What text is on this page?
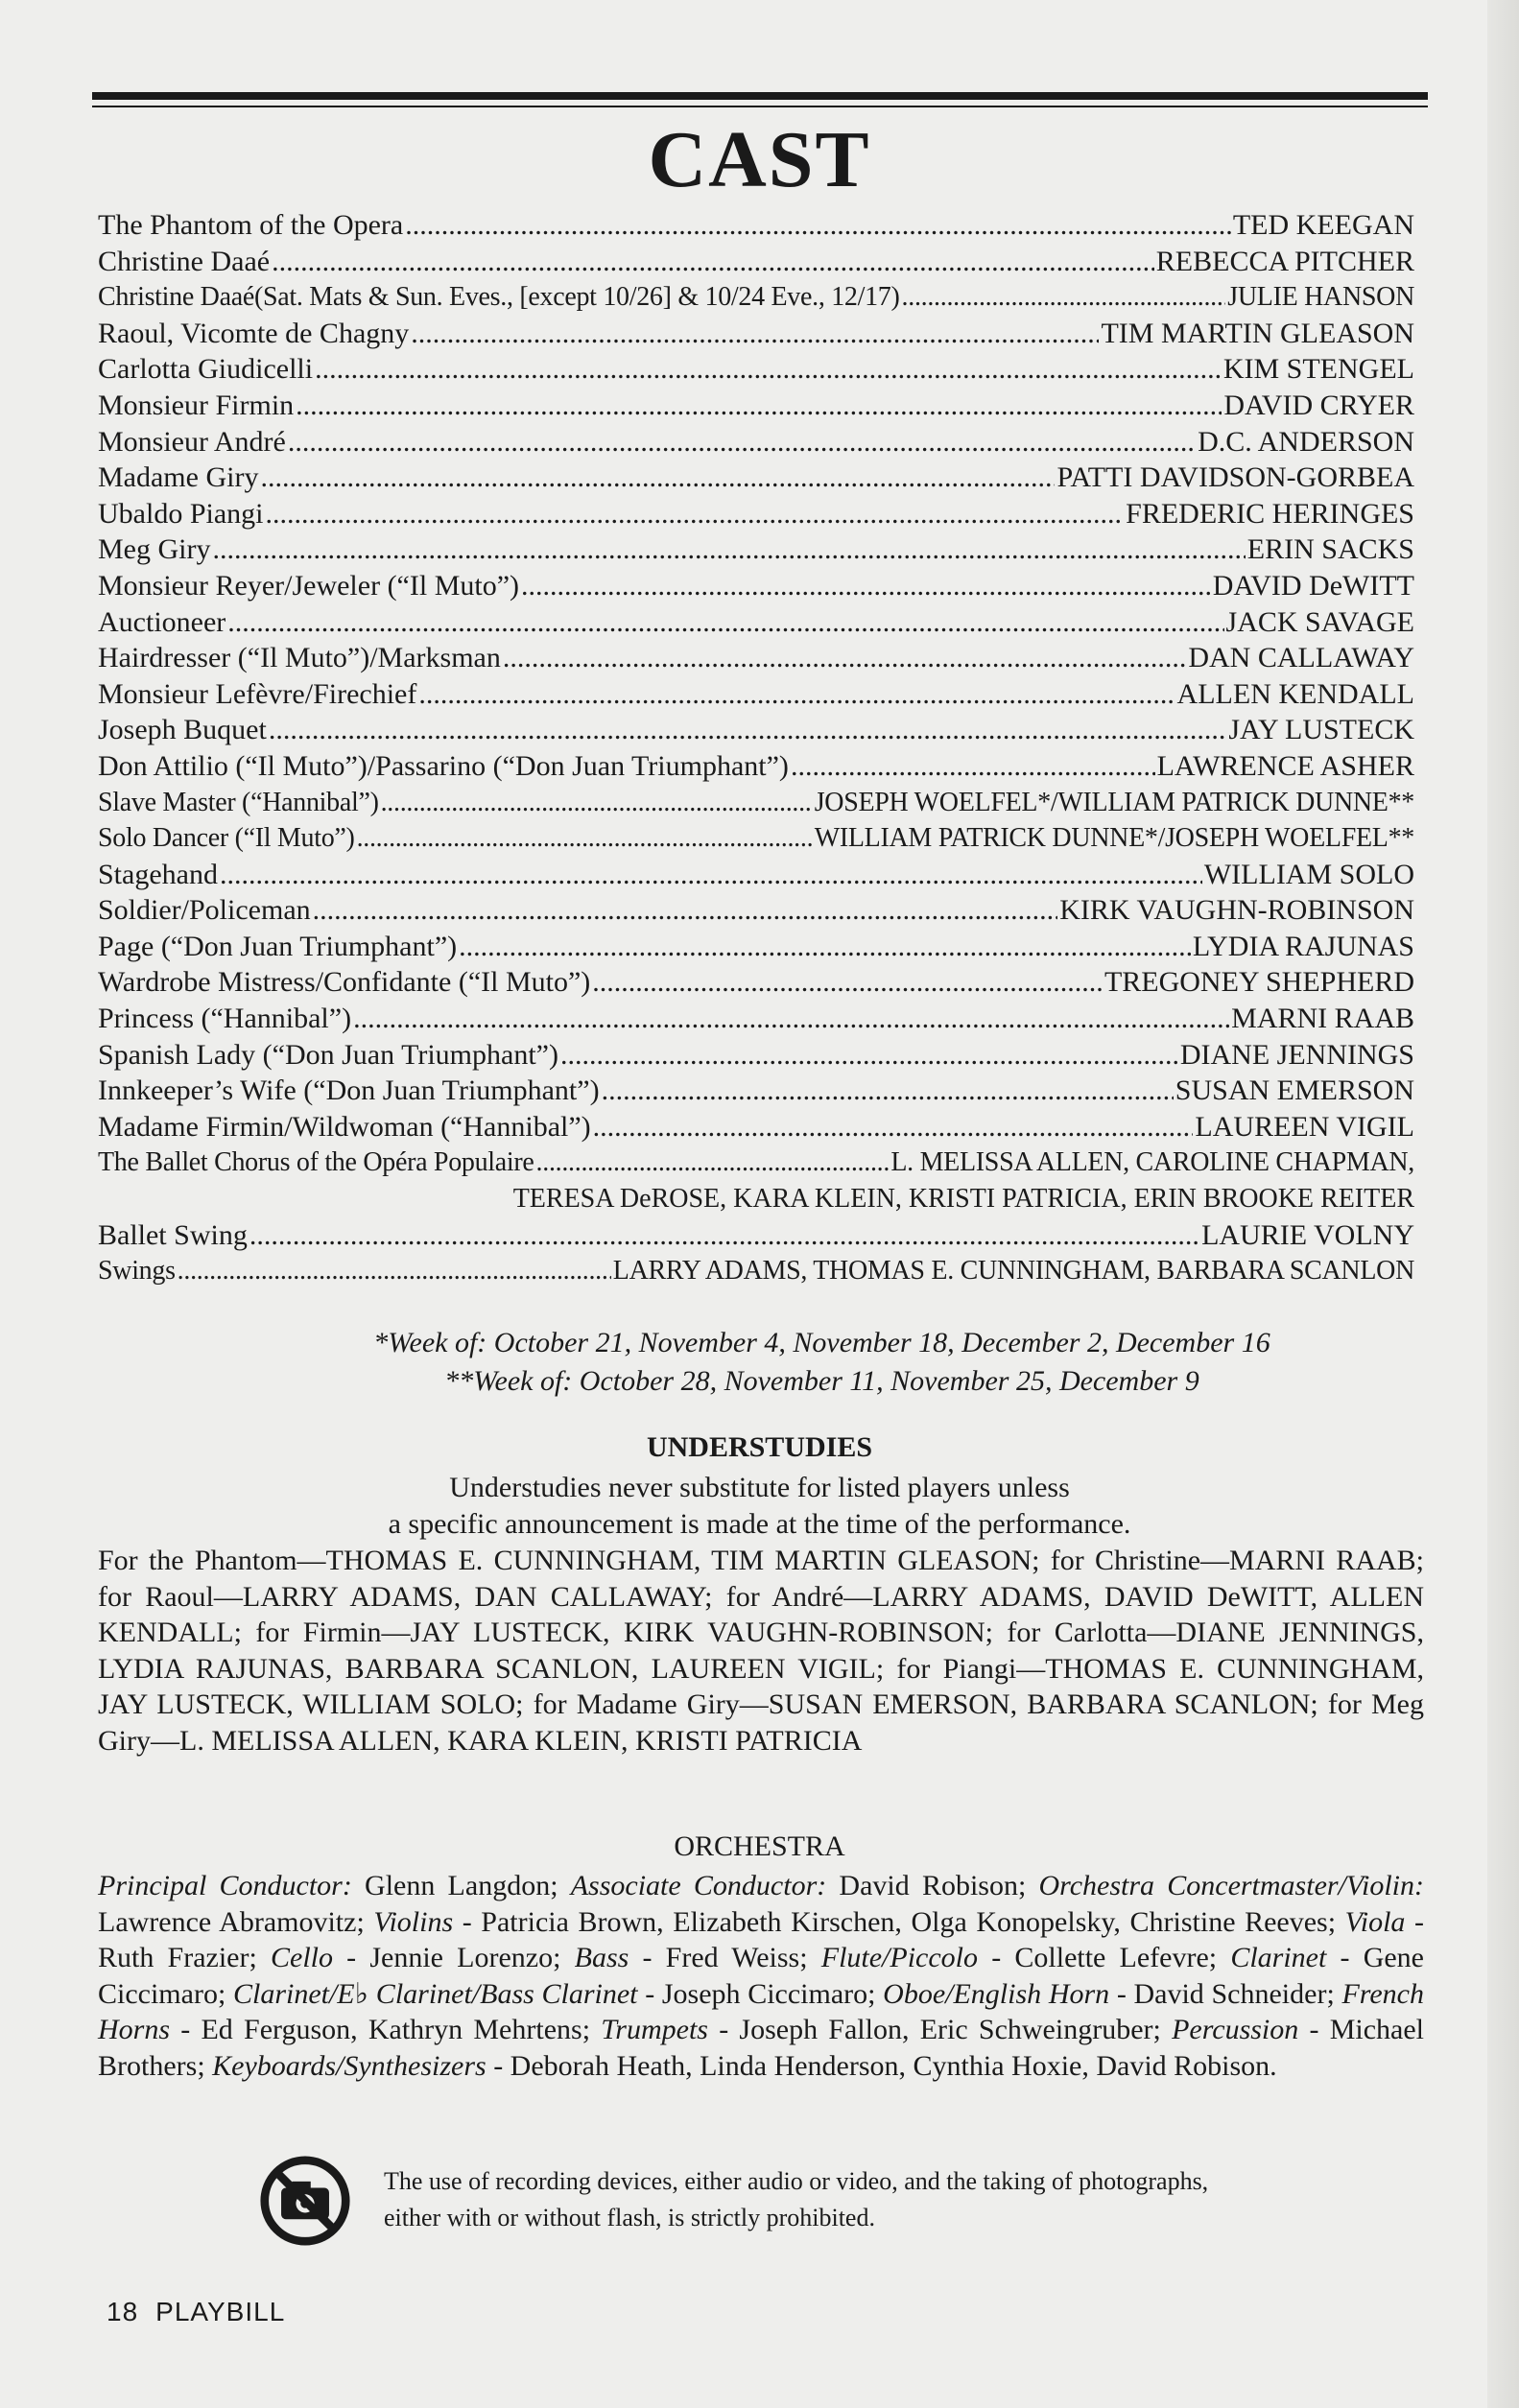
CAST
The Phantom of the Opera .....	TED KEEGAN
Christine Daaé .....	REBECCA PITCHER
Christine Daaé(Sat. Mats & Sun. Eves., [except 10/26] & 10/24 Eve., 12/17) .....	JULIE HANSON
Raoul, Vicomte de Chagny .....	TIM MARTIN GLEASON
Carlotta Giudicelli .....	KIM STENGEL
Monsieur Firmin .....	DAVID CRYER
Monsieur André .....	D.C. ANDERSON
Madame Giry .....	PATTI DAVIDSON-GORBEA
Ubaldo Piangi .....	FREDERIC HERINGES
Meg Giry .....	ERIN SACKS
Monsieur Reyer/Jeweler (“Il Muto”) .....	DAVID DeWITT
Auctioneer .....	JACK SAVAGE
Hairdresser (“Il Muto”)/Marksman .....	DAN CALLAWAY
Monsieur Lefèvre/Firechief .....	ALLEN KENDALL
Joseph Buquet .....	JAY LUSTECK
Don Attilio (“Il Muto”)/Passarino (“Don Juan Triumphant”) .....	LAWRENCE ASHER
Slave Master (“Hannibal”) .....	JOSEPH WOELFEL*/WILLIAM PATRICK DUNNE**
Solo Dancer (“Il Muto”) .....	WILLIAM PATRICK DUNNE*/JOSEPH WOELFEL**
Stagehand .....	WILLIAM SOLO
Soldier/Policeman .....	KIRK VAUGHN-ROBINSON
Page (“Don Juan Triumphant”) .....	LYDIA RAJUNAS
Wardrobe Mistress/Confidante (“Il Muto”) .....	TREGONEY SHEPHERD
Princess (“Hannibal”) .....	MARNI RAAB
Spanish Lady (“Don Juan Triumphant”) .....	DIANE JENNINGS
Innkeeper’s Wife (“Don Juan Triumphant”) .....	SUSAN EMERSON
Madame Firmin/Wildwoman (“Hannibal”) .....	LAUREEN VIGIL
The Ballet Chorus of the Opéra Populaire .....	L. MELISSA ALLEN, CAROLINE CHAPMAN,
TERESA DeROSE, KARA KLEIN, KRISTI PATRICIA, ERIN BROOKE REITER
Ballet Swing .....	LAURIE VOLNY
Swings .....	LARRY ADAMS, THOMAS E. CUNNINGHAM, BARBARA SCANLON
*Week of: October 21, November 4, November 18, December 2, December 16
**Week of: October 28, November 11, November 25, December 9
UNDERSTUDIES
Understudies never substitute for listed players unless
a specific announcement is made at the time of the performance.
For the Phantom—THOMAS E. CUNNINGHAM, TIM MARTIN GLEASON; for Christine—MARNI RAAB; for Raoul—LARRY ADAMS, DAN CALLAWAY; for André—LARRY ADAMS, DAVID DeWITT, ALLEN KENDALL; for Firmin—JAY LUSTECK, KIRK VAUGHN-ROBINSON; for Carlotta—DIANE JENNINGS, LYDIA RAJUNAS, BARBARA SCANLON, LAUREEN VIGIL; for Piangi—THOMAS E. CUNNINGHAM, JAY LUSTECK, WILLIAM SOLO; for Madame Giry—SUSAN EMERSON, BARBARA SCANLON; for Meg Giry—L. MELISSA ALLEN, KARA KLEIN, KRISTI PATRICIA
ORCHESTRA
Principal Conductor: Glenn Langdon; Associate Conductor: David Robison; Orchestra Concertmaster/Violin: Lawrence Abramovitz; Violins - Patricia Brown, Elizabeth Kirschen, Olga Konopelsky, Christine Reeves; Viola - Ruth Frazier; Cello - Jennie Lorenzo; Bass - Fred Weiss; Flute/Piccolo - Collette Lefevre; Clarinet - Gene Ciccimaro; Clarinet/E♭ Clarinet/Bass Clarinet - Joseph Ciccimaro; Oboe/English Horn - David Schneider; French Horns - Ed Ferguson, Kathryn Mehrtens; Trumpets - Joseph Fallon, Eric Schweingruber; Percussion - Michael Brothers; Keyboards/Synthesizers - Deborah Heath, Linda Henderson, Cynthia Hoxie, David Robison.
The use of recording devices, either audio or video, and the taking of photographs,
either with or without flash, is strictly prohibited.
18 PLAYBILL
